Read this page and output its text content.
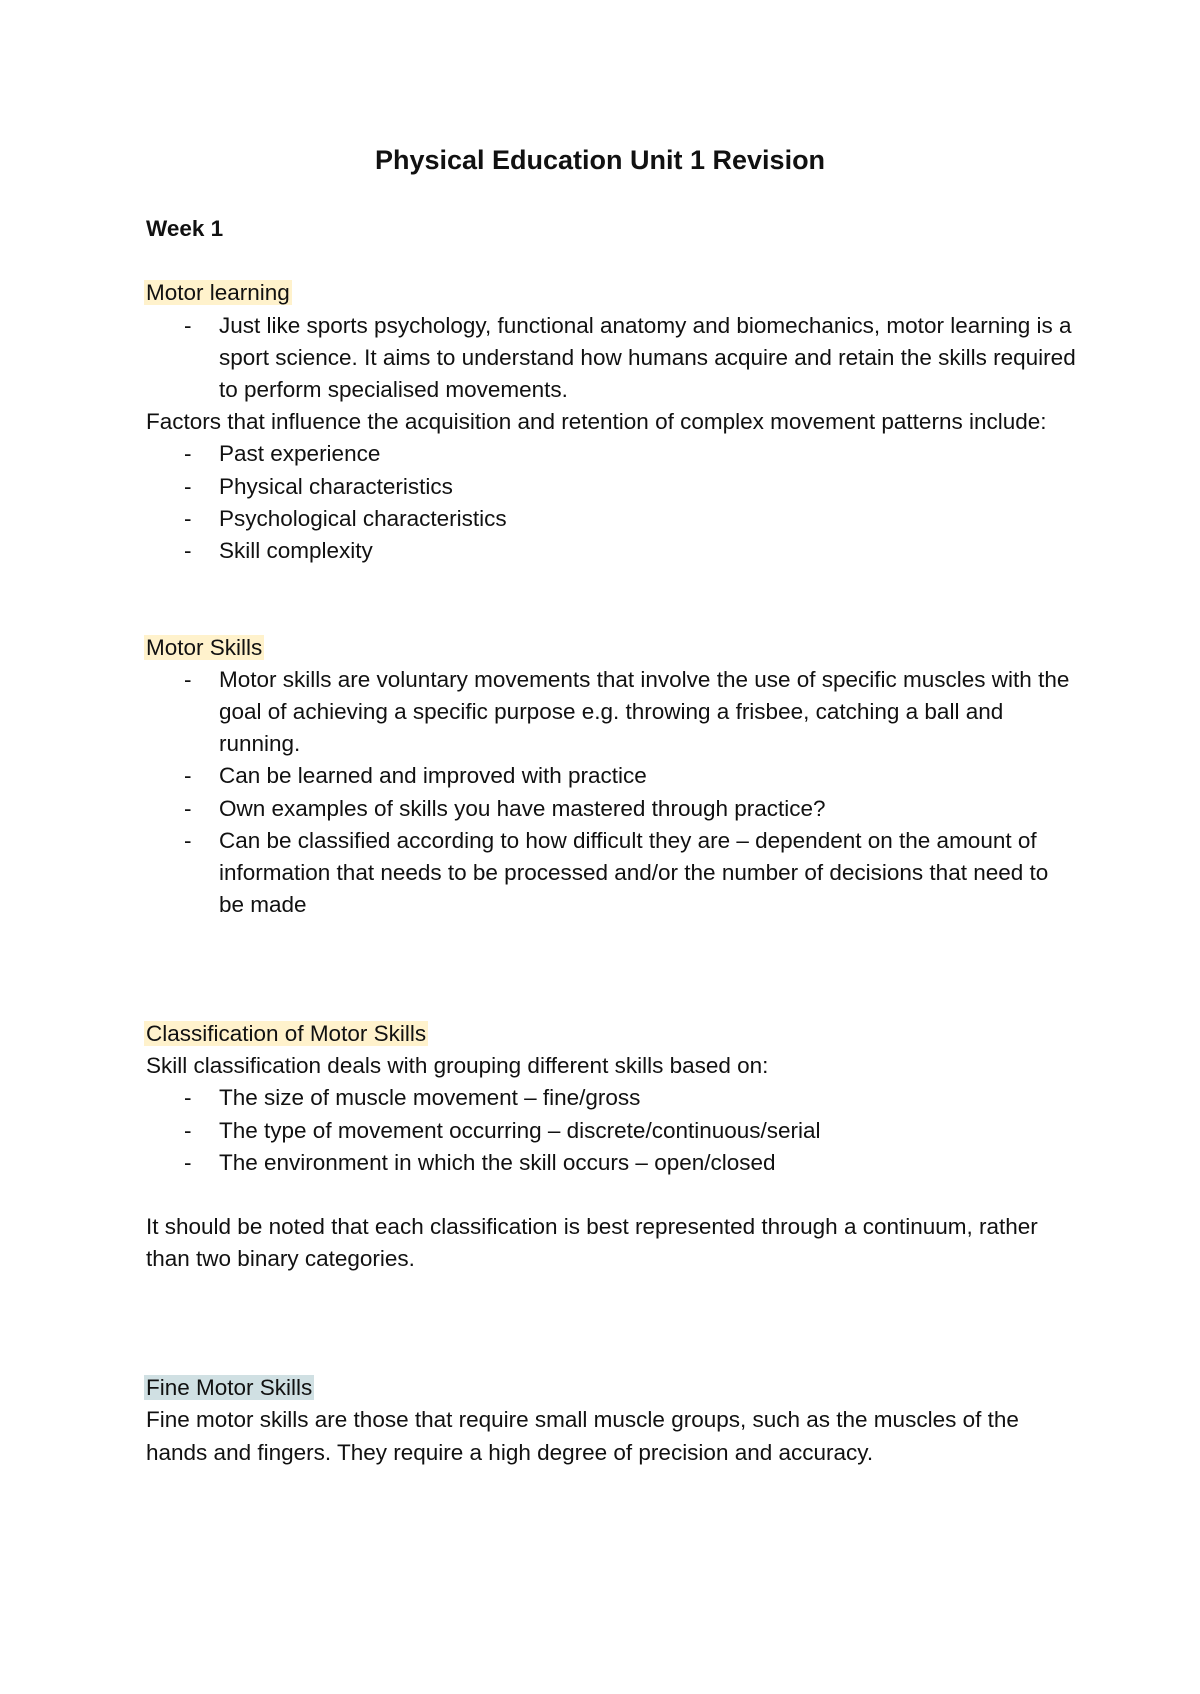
Physical Education Unit 1 Revision

Week 1

Motor learning

- Just like sports psychology, functional anatomy and biomechanics, motor learning is a sport science. It aims to understand how humans acquire and retain the skills required to perform specialised movements.

Factors that influence the acquisition and retention of complex movement patterns include:

- Past experience
- Physical characteristics
- Psychological characteristics
- Skill complexity

Motor Skills

- Motor skills are voluntary movements that involve the use of specific muscles with the goal of achieving a specific purpose e.g. throwing a frisbee, catching a ball and running.
- Can be learned and improved with practice
- Own examples of skills you have mastered through practice?
- Can be classified according to how difficult they are – dependent on the amount of information that needs to be processed and/or the number of decisions that need to be made

Classification of Motor Skills

Skill classification deals with grouping different skills based on:

- The size of muscle movement – fine/gross
- The type of movement occurring – discrete/continuous/serial
- The environment in which the skill occurs – open/closed

It should be noted that each classification is best represented through a continuum, rather than two binary categories.

Fine Motor Skills

Fine motor skills are those that require small muscle groups, such as the muscles of the hands and fingers. They require a high degree of precision and accuracy.
